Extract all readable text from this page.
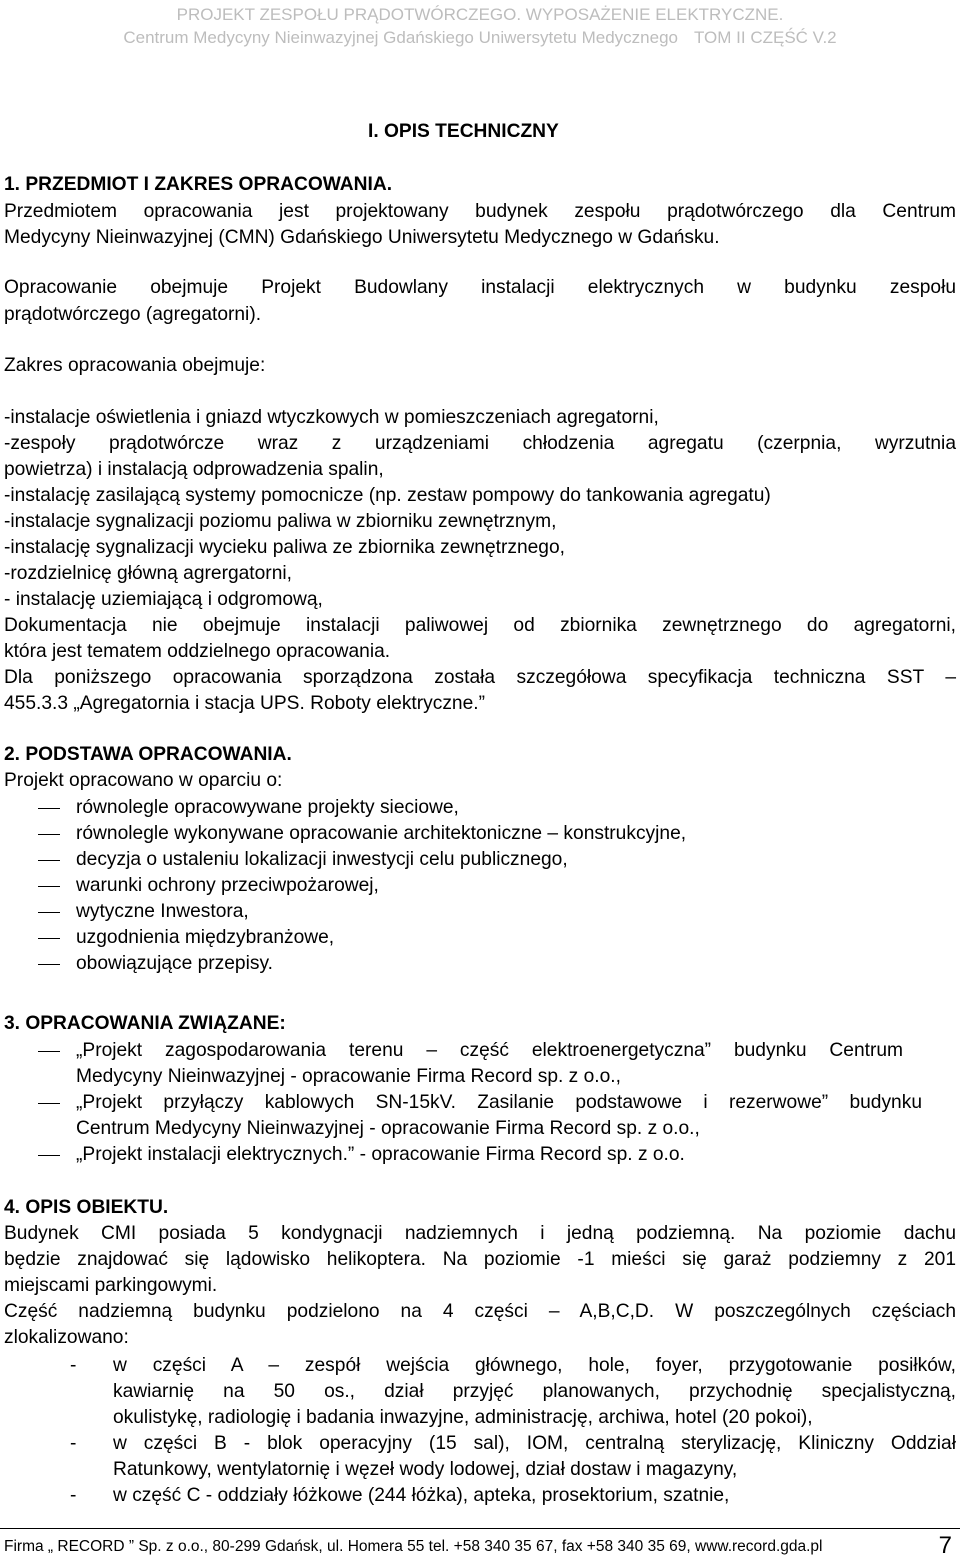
PROJEKT ZESPOŁU PRĄDOTWÓRCZEGO. WYPOSAŻENIE ELEKTRYCZNE.
Centrum Medycyny Nieinwazyjnej Gdańskiego Uniwersytetu Medycznego TOM II CZĘŚĆ V.2
I. OPIS TECHNICZNY
1. PRZEDMIOT I ZAKRES OPRACOWANIA.
Przedmiotem opracowania jest projektowany budynek zespołu prądotwórczego dla Centrum
Medycyny Nieinwazyjnej (CMN) Gdańskiego Uniwersytetu Medycznego w Gdańsku.
Opracowanie obejmuje Projekt Budowlany instalacji elektrycznych w budynku zespołu
prądotwórczego (agregatorni).
Zakres opracowania obejmuje:
-instalacje oświetlenia i gniazd wtyczkowych w pomieszczeniach agregatorni,
-zespoły prądotwórcze wraz z urządzeniami chłodzenia agregatu (czerpnia, wyrzutnia
powietrza) i instalacją odprowadzenia spalin,
-instalację zasilającą systemy pomocnicze (np. zestaw pompowy do tankowania agregatu)
-instalacje sygnalizacji poziomu paliwa w zbiorniku zewnętrznym,
-instalację sygnalizacji wycieku paliwa ze zbiornika zewnętrznego,
-rozdzielnicę główną agrergatorni,
- instalację uziemiającą i odgromową,
Dokumentacja nie obejmuje instalacji paliwowej od zbiornika zewnętrznego do agregatorni,
która jest tematem oddzielnego opracowania.
Dla poniższego opracowania sporządzona została szczegółowa specyfikacja techniczna SST –
455.3.3 „Agregatornia i stacja UPS. Roboty elektryczne.”
2. PODSTAWA OPRACOWANIA.
Projekt opracowano w oparciu o:
równolegle opracowywane projekty sieciowe,
równolegle wykonywane opracowanie architektoniczne – konstrukcyjne,
decyzja o ustaleniu lokalizacji inwestycji celu publicznego,
warunki ochrony przeciwpożarowej,
wytyczne Inwestora,
uzgodnienia międzybranżowe,
obowiązujące przepisy.
3. OPRACOWANIA ZWIĄZANE:
„Projekt zagospodarowania terenu – część elektroenergetyczna” budynku Centrum
Medycyny Nieinwazyjnej - opracowanie Firma Record sp. z o.o.,
„Projekt przyłączy kablowych SN-15kV. Zasilanie podstawowe i rezerwowe” budynku
Centrum Medycyny Nieinwazyjnej - opracowanie Firma Record sp. z o.o.,
„Projekt instalacji elektrycznych.” - opracowanie Firma Record sp. z o.o.
4. OPIS OBIEKTU.
Budynek CMI posiada 5 kondygnacji nadziemnych i jedną podziemną. Na poziomie dachu
będzie znajdować się lądowisko helikoptera. Na poziomie -1 mieści się garaż podziemny z 201
miejscami parkingowymi.
Część nadziemną budynku podzielono na 4 części – A,B,C,D. W poszczególnych częściach
zlokalizowano:
- w części A – zespół wejścia głównego, hole, foyer, przygotowanie posiłków,
kawiarnię na 50 os., dział przyjęć planowanych, przychodnię specjalistyczną,
okulistykę, radiologię i badania inwazyjne, administrację, archiwa, hotel (20 pokoi),
- w części B - blok operacyjny (15 sal), IOM, centralną sterylizację, Kliniczny Oddział
Ratunkowy, wentylatornię i węzeł wody lodowej, dział dostaw i magazyny,
- w część C - oddziały łóżkowe (244 łóżka), apteka, prosektorium, szatnie,
Firma „ RECORD ” Sp. z o.o., 80-299 Gdańsk, ul. Homera 55 tel. +58 340 35 67, fax +58 340 35 69, www.record.gda.pl	7
